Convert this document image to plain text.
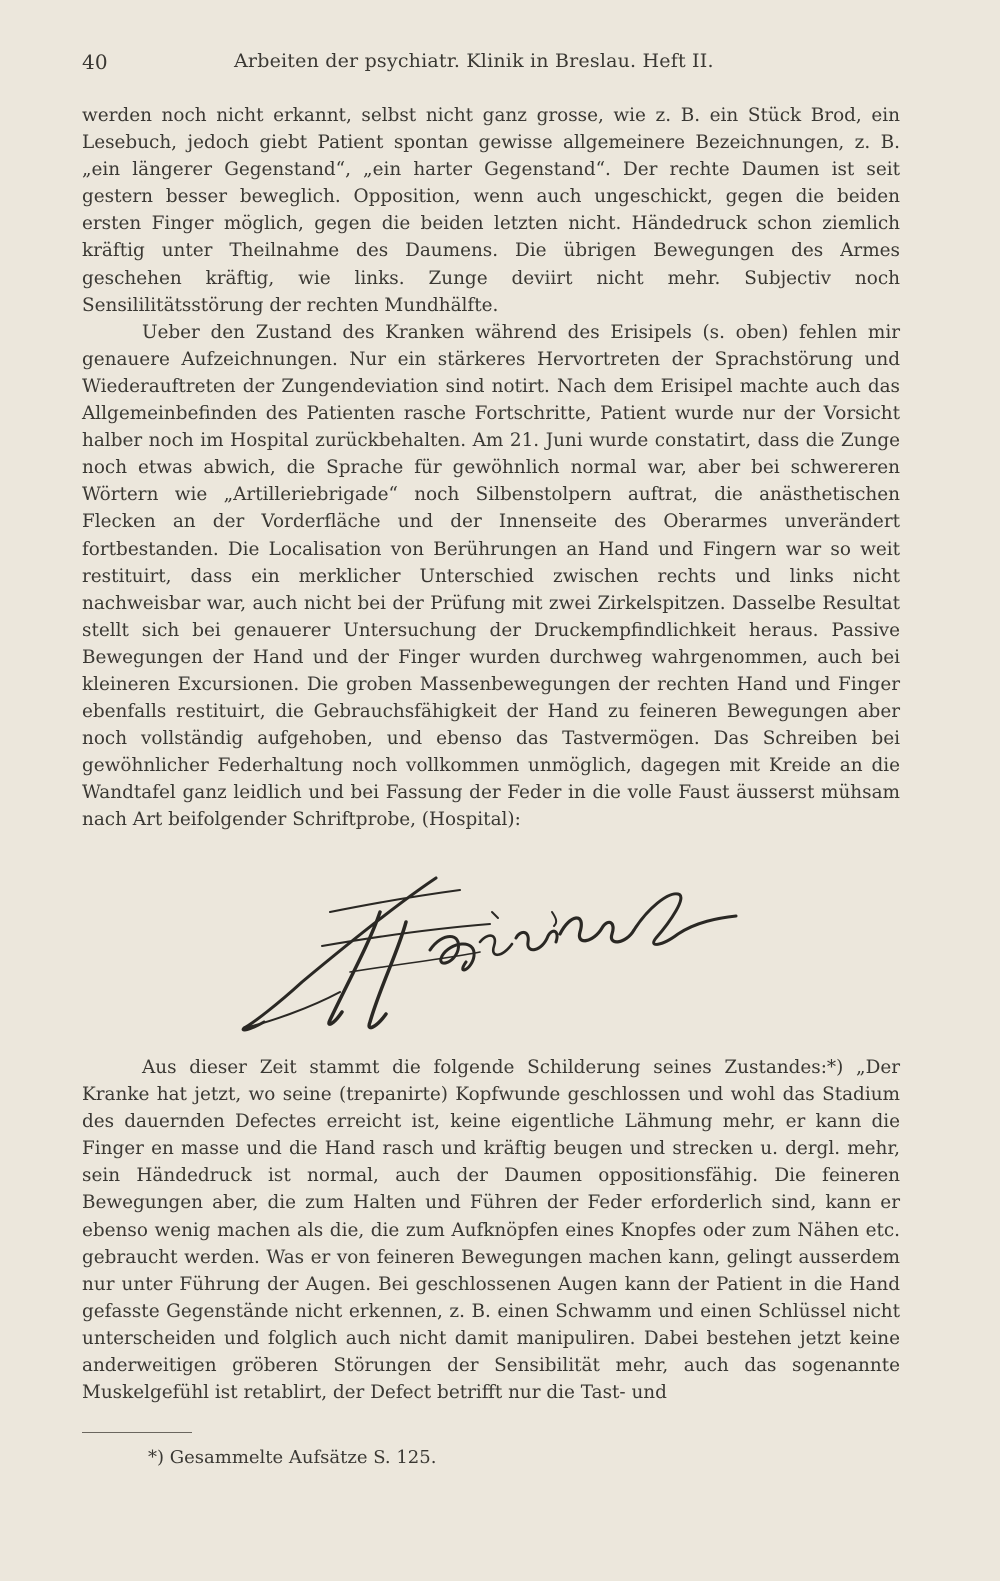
40	Arbeiten der psychiatr. Klinik in Breslau. Heft II.

werden noch nicht erkannt, selbst nicht ganz grosse, wie z. B. ein Stück Brod, ein Lesebuch, jedoch giebt Patient spontan gewisse allgemeinere Bezeichnungen, z. B. „ein längerer Gegenstand“, „ein harter Gegenstand“. Der rechte Daumen ist seit gestern besser beweglich. Opposition, wenn auch ungeschickt, gegen die beiden ersten Finger möglich, gegen die beiden letzten nicht. Händedruck schon ziemlich kräftig unter Theilnahme des Daumens. Die übrigen Bewegungen des Armes geschehen kräftig, wie links. Zunge deviirt nicht mehr. Subjectiv noch Sensililitätsstörung der rechten Mundhälfte.

Ueber den Zustand des Kranken während des Erisipels (s. oben) fehlen mir genauere Aufzeichnungen. Nur ein stärkeres Hervortreten der Sprachstörung und Wiederauftreten der Zungendeviation sind notirt. Nach dem Erisipel machte auch das Allgemeinbefinden des Patienten rasche Fortschritte, Patient wurde nur der Vorsicht halber noch im Hospital zurückbehalten. Am 21. Juni wurde constatirt, dass die Zunge noch etwas abwich, die Sprache für gewöhnlich normal war, aber bei schwereren Wörtern wie „Artilleriebrigade“ noch Silbenstolpern auftrat, die anästhetischen Flecken an der Vorderfläche und der Innenseite des Oberarmes unverändert fortbestanden. Die Localisation von Berührungen an Hand und Fingern war so weit restituirt, dass ein merklicher Unterschied zwischen rechts und links nicht nachweisbar war, auch nicht bei der Prüfung mit zwei Zirkelspitzen. Dasselbe Resultat stellt sich bei genauerer Untersuchung der Druckempfindlichkeit heraus. Passive Bewegungen der Hand und der Finger wurden durchweg wahrgenommen, auch bei kleineren Excursionen. Die groben Massenbewegungen der rechten Hand und Finger ebenfalls restituirt, die Gebrauchsfähigkeit der Hand zu feineren Bewegungen aber noch vollständig aufgehoben, und ebenso das Tastvermögen. Das Schreiben bei gewöhnlicher Federhaltung noch vollkommen unmöglich, dagegen mit Kreide an die Wandtafel ganz leidlich und bei Fassung der Feder in die volle Faust äusserst mühsam nach Art beifolgender Schriftprobe, (Hospital):

Aus dieser Zeit stammt die folgende Schilderung seines Zustandes:*) „Der Kranke hat jetzt, wo seine (trepanirte) Kopfwunde geschlossen und wohl das Stadium des dauernden Defectes erreicht ist, keine eigentliche Lähmung mehr, er kann die Finger en masse und die Hand rasch und kräftig beugen und strecken u. dergl. mehr, sein Händedruck ist normal, auch der Daumen oppositionsfähig. Die feineren Bewegungen aber, die zum Halten und Führen der Feder erforderlich sind, kann er ebenso wenig machen als die, die zum Aufknöpfen eines Knopfes oder zum Nähen etc. gebraucht werden. Was er von feineren Bewegungen machen kann, gelingt ausserdem nur unter Führung der Augen. Bei geschlossenen Augen kann der Patient in die Hand gefasste Gegenstände nicht erkennen, z. B. einen Schwamm und einen Schlüssel nicht unterscheiden und folglich auch nicht damit manipuliren. Dabei bestehen jetzt keine anderweitigen gröberen Störungen der Sensibilität mehr, auch das sogenannte Muskelgefühl ist retablirt, der Defect betrifft nur die Tast- und

*) Gesammelte Aufsätze S. 125.
